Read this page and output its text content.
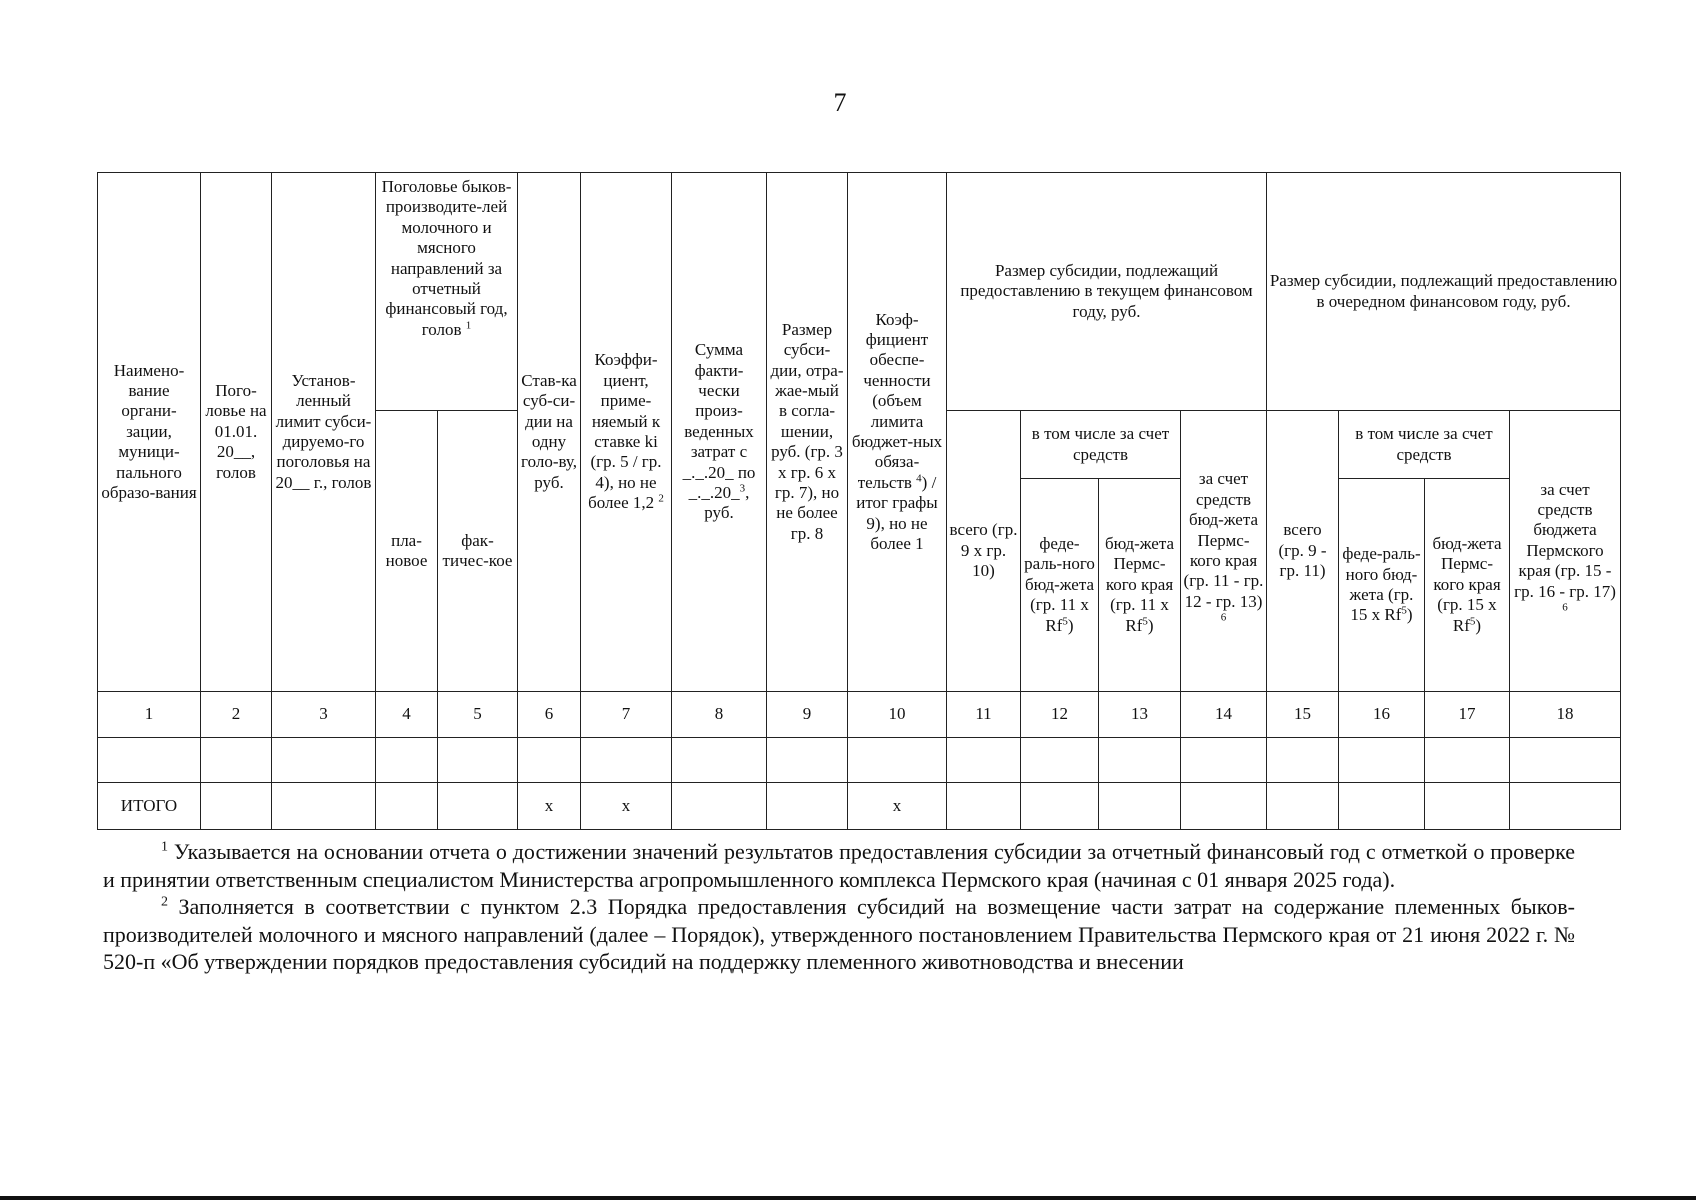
7
Наимено-вание органи-зации, муници-пального образо-вания	Пого-ловье на 01.01. 20__, голов	Установ-ленный лимит субси-дируемо-го поголовья на 20__ г., голов	Поголовье быков-производите-лей молочного и мясного направлений за отчетный финансовый год, голов $^1$		Став-ка суб-си-дии на одну голо-ву, руб.	Коэффи-циент, приме-няемый к ставке ki (гр. 5 / гр. 4), но не более 1,2 $^2$	Сумма факти-чески произ-веденных затрат с _._.20_ по _._.20_$^3$, руб.	Размер субси-дии, отра-жае-мый в согла-шении, руб. (гр. 3 х гр. 6 х гр. 7), но не более гр. 8	Коэф-фициент обеспе-ченности (объем лимита бюджет-ных обяза-тельств $^4$) / итог графы 9), но не более 1	Размер субсидии, подлежащий предоставлению в текущем финансовом году, руб.				Размер субсидии, подлежащий предоставлению в очередном финансовом году, руб.			
			пла-новое	фак-тичес-кое						всего (гр. 9 х гр. 10)	в том числе за счет средств		за счет средств бюд-жета Пермс-кого края (гр. 11 - гр. 12 - гр. 13) $^6$	всего (гр. 9 - гр. 11)	в том числе за счет средств		за счет средств бюджета Пермского края (гр. 15 - гр. 16 - гр. 17) $^6$
											феде-раль-ного бюд-жета (гр. 11 x Rf$^5$)	бюд-жета Пермс-кого края (гр. 11 x Rf$^5$)			феде-раль-ного бюд-жета (гр. 15 x Rf$^5$)	бюд-жета Пермс-кого края (гр. 15 x Rf$^5$)	
1	2	3	4	5	6	7	8	9	10	11	12	13	14	15	16	17	18

ИТОГО					х	х			х								

$^1$ Указывается на основании отчета о достижении значений результатов предоставления субсидии за отчетный финансовый год с отметкой о проверке и принятии ответственным специалистом Министерства агропромышленного комплекса Пермского края (начиная с 01 января 2025 года).

$^2$ Заполняется в соответствии с пунктом 2.3 Порядка предоставления субсидий на возмещение части затрат на содержание племенных быков-производителей молочного и мясного направлений (далее – Порядок), утвержденного постановлением Правительства Пермского края от 21 июня 2022 г. № 520-п «Об утверждении порядков предоставления субсидий на поддержку племенного животноводства и внесении
